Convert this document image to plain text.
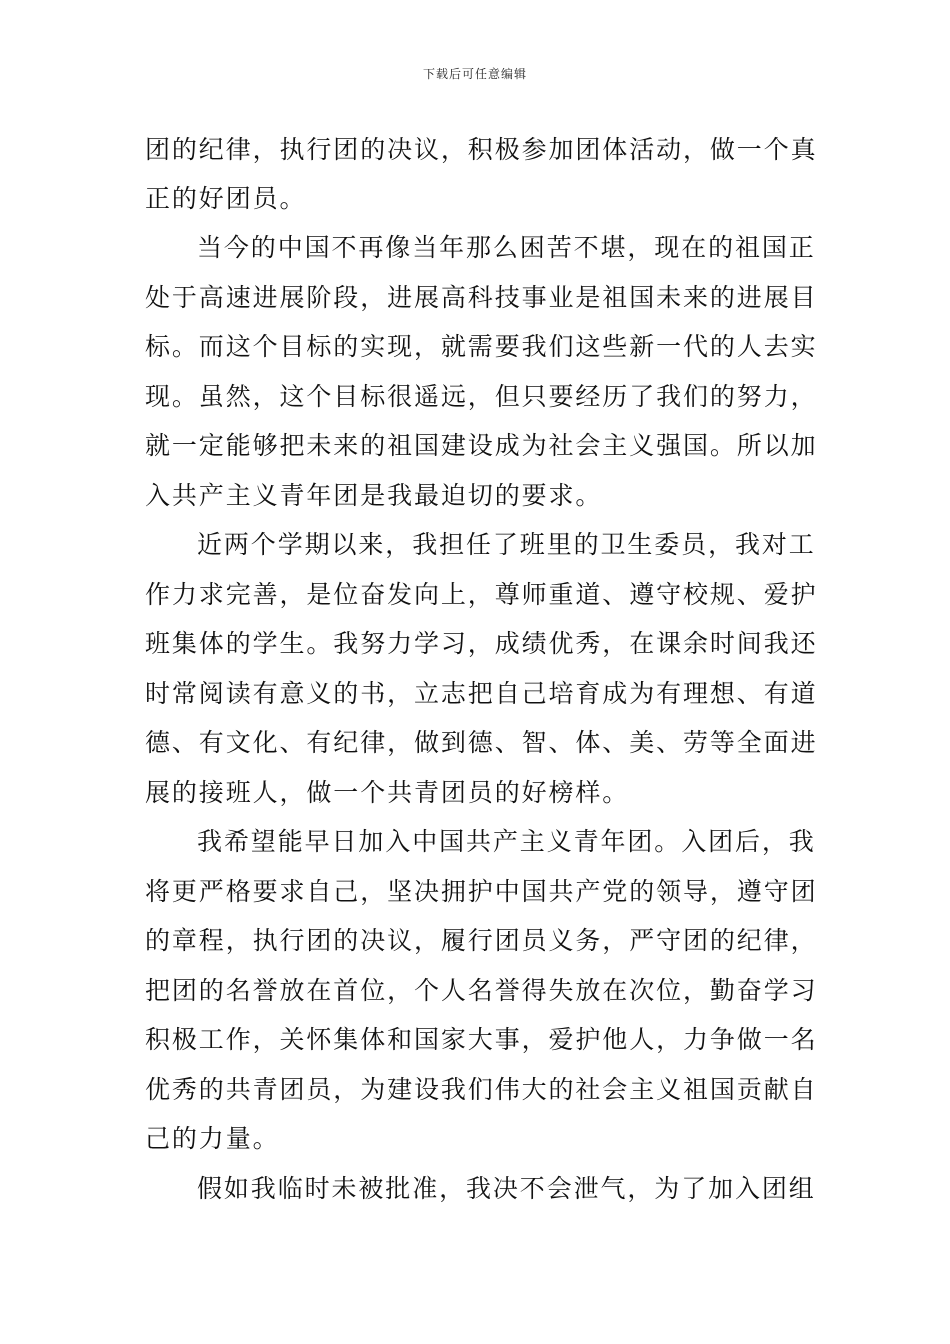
下载后可任意编辑
团的纪律，执行团的决议，积极参加团体活动，做一个真
正的好团员。
当今的中国不再像当年那么困苦不堪，现在的祖国正
处于高速进展阶段，进展高科技事业是祖国未来的进展目
标。而这个目标的实现，就需要我们这些新一代的人去实
现。虽然，这个目标很遥远，但只要经历了我们的努力，
就一定能够把未来的祖国建设成为社会主义强国。所以加
入共产主义青年团是我最迫切的要求。
近两个学期以来，我担任了班里的卫生委员，我对工
作力求完善，是位奋发向上，尊师重道、遵守校规、爱护
班集体的学生。我努力学习，成绩优秀，在课余时间我还
时常阅读有意义的书，立志把自己培育成为有理想、有道
德、有文化、有纪律，做到德、智、体、美、劳等全面进
展的接班人，做一个共青团员的好榜样。
我希望能早日加入中国共产主义青年团。入团后，我
将更严格要求自己，坚决拥护中国共产党的领导，遵守团
的章程，执行团的决议，履行团员义务，严守团的纪律，
把团的名誉放在首位，个人名誉得失放在次位，勤奋学习
积极工作，关怀集体和国家大事，爱护他人，力争做一名
优秀的共青团员，为建设我们伟大的社会主义祖国贡献自
己的力量。
假如我临时未被批准，我决不会泄气，为了加入团组
